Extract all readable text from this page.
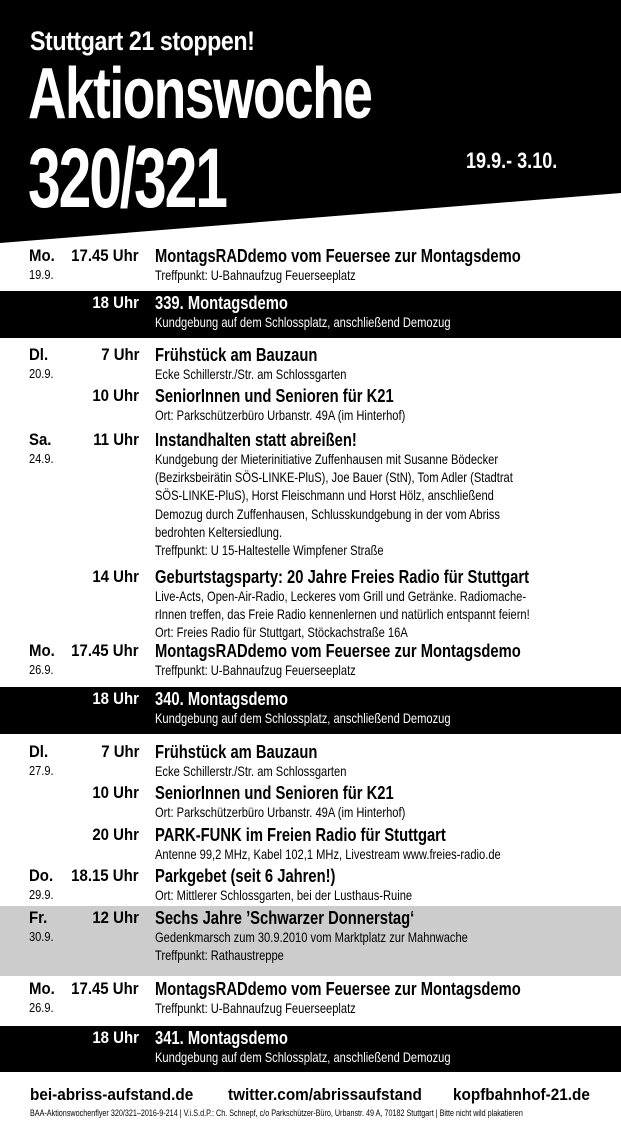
Stuttgart 21 stoppen!
Aktionswoche
320/321	19.9.- 3.10.
Mo.
19.9.
17.45 Uhr MontagsRADdemo vom Feuersee zur Montagsdemo
Treffpunkt: U-Bahnaufzug Feuerseeplatz
18 Uhr 339. Montagsdemo
Kundgebung auf dem Schlossplatz, anschließend Demozug
Dl.
20.9.
7 Uhr Frühstück am Bauzaun
Ecke Schillerstr./Str. am Schlossgarten
10 Uhr SeniorInnen und Senioren für K21
Ort: Parkschützerbüro Urbanstr. 49A (im Hinterhof)
Sa.
24.9.
11 Uhr Instandhalten statt abreißen!
Kundgebung der Mieterinitiative Zuffenhausen mit Susanne Bödecker
(Bezirksbeirätin SÖS-LINKE-PluS), Joe Bauer (StN), Tom Adler (Stadtrat
SÖS-LINKE-PluS), Horst Fleischmann und Horst Hölz, anschließend
Demozug durch Zuffenhausen, Schlusskundgebung in der vom Abriss
bedrohten Keltersiedlung.
Treffpunkt: U 15-Haltestelle Wimpfener Straße
14 Uhr Geburtstagsparty: 20 Jahre Freies Radio für Stuttgart
Live-Acts, Open-Air-Radio, Leckeres vom Grill und Getränke. Radiomache-
rInnen treffen, das Freie Radio kennenlernen und natürlich entspannt feiern!
Ort: Freies Radio für Stuttgart, Stöckachstraße 16A
Mo.
26.9.
17.45 Uhr MontagsRADdemo vom Feuersee zur Montagsdemo
Treffpunkt: U-Bahnaufzug Feuerseeplatz
18 Uhr 340. Montagsdemo
Kundgebung auf dem Schlossplatz, anschließend Demozug
Dl.
27.9.
7 Uhr Frühstück am Bauzaun
Ecke Schillerstr./Str. am Schlossgarten
10 Uhr SeniorInnen und Senioren für K21
Ort: Parkschützerbüro Urbanstr. 49A (im Hinterhof)
20 Uhr PARK-FUNK im Freien Radio für Stuttgart
Antenne 99,2 MHz, Kabel 102,1 MHz, Livestream www.freies-radio.de
Do.
29.9.
18.15 Uhr Parkgebet (seit 6 Jahren!)
Ort: Mittlerer Schlossgarten, bei der Lusthaus-Ruine
Fr.
30.9.
12 Uhr Sechs Jahre ’Schwarzer Donnerstag‘
Gedenkmarsch zum 30.9.2010 vom Marktplatz zur Mahnwache
Treffpunkt: Rathaustreppe
Mo.
26.9.
17.45 Uhr MontagsRADdemo vom Feuersee zur Montagsdemo
Treffpunkt: U-Bahnaufzug Feuerseeplatz
18 Uhr 341. Montagsdemo
Kundgebung auf dem Schlossplatz, anschließend Demozug
bei-abriss-aufstand.de twitter.com/abrissaufstand kopfbahnhof-21.de
BAA-Aktionswochenflyer 320/321–2016-9-214 | V.i.S.d.P.: Ch. Schnepf, c/o Parkschützer-Büro, Urbanstr. 49 A, 70182 Stuttgart | Bitte nicht wild plakatieren
